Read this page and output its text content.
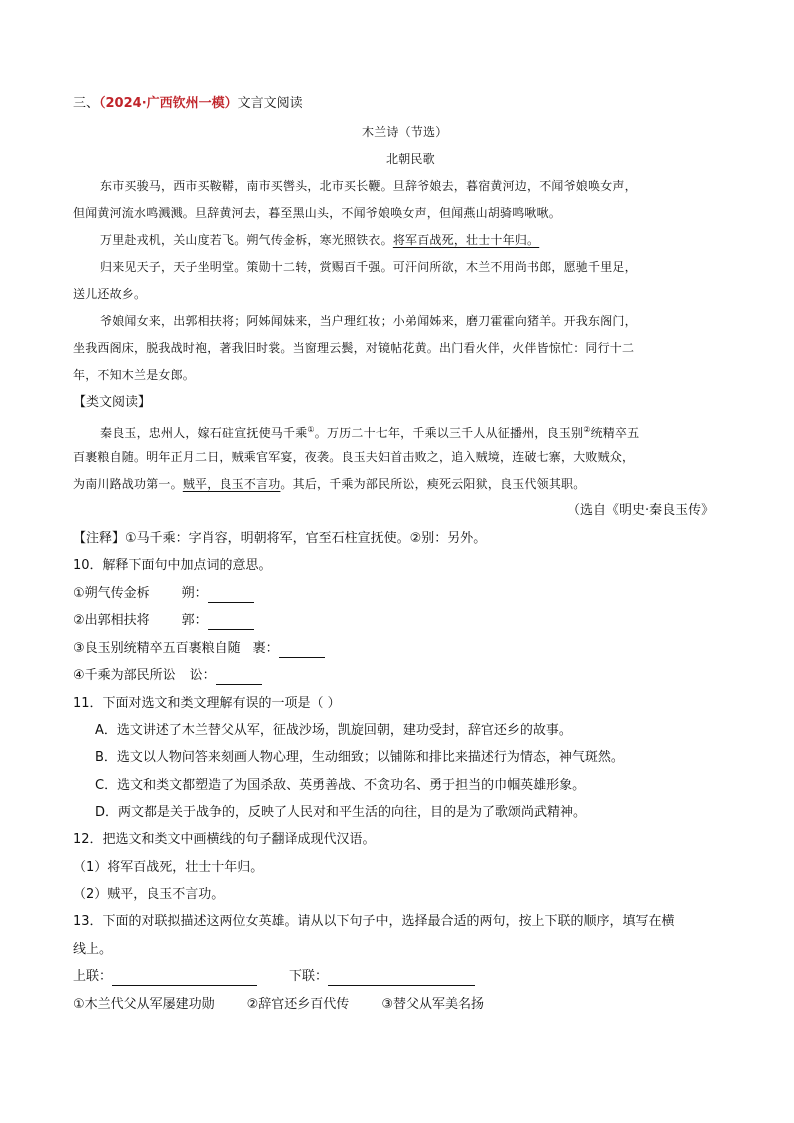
三、（2024·广西钦州一模）文言文阅读
木兰诗（节选）
北朝民歌
东市买骏马，西市买鞍鞯，南市买辔头，北市买长鞭。旦辞爷娘去，暮宿黄河边，不闻爷娘唤女声，
但闻黄河流水鸣溅溅。旦辞黄河去，暮至黑山头，不闻爷娘唤女声，但闻燕山胡骑鸣啾啾。
万里赴戎机，关山度若飞。朔气传金柝，寒光照铁衣。将军百战死，壮士十年归。
归来见天子，天子坐明堂。策勋十二转，赏赐百千强。可汗问所欲，木兰不用尚书郎，愿驰千里足，
送儿还故乡。
爷娘闻女来，出郭相扶将；阿姊闻妹来，当户理红妆；小弟闻姊来，磨刀霍霍向猪羊。开我东阁门，
坐我西阁床，脱我战时袍，著我旧时裳。当窗理云鬓，对镜帖花黄。出门看火伴，火伴皆惊忙：同行十二
年，不知木兰是女郎。
【类文阅读】
秦良玉，忠州人，嫁石砫宣抚使马千乘①。万历二十七年，千乘以三千人从征播州，良玉别②统精卒五
百裹粮自随。明年正月二日，贼乘官军宴，夜袭。良玉夫妇首击败之，追入贼境，连破七寨，大败贼众，
为南川路战功第一。贼平，良玉不言功。其后，千乘为部民所讼，瘐死云阳狱，良玉代领其职。
（选自《明史·秦良玉传》
【注释】①马千乘：字肖容，明朝将军，官至石柱宣抚使。②别：另外。
10．解释下面句中加点词的意思。
①朔气传金柝 朔：
②出郭相扶将 郭：
③良玉别统精卒五百裹粮自随 裹：
④千乘为部民所讼 讼：
11．下面对选文和类文理解有误的一项是（ ）
A．选文讲述了木兰替父从军，征战沙场，凯旋回朝，建功受封，辞官还乡的故事。
B．选文以人物问答来刻画人物心理，生动细致；以铺陈和排比来描述行为情态，神气斑然。
C．选文和类文都塑造了为国杀敌、英勇善战、不贪功名、勇于担当的巾帼英雄形象。
D．两文都是关于战争的，反映了人民对和平生活的向往，目的是为了歌颂尚武精神。
12．把选文和类文中画横线的句子翻译成现代汉语。
（1）将军百战死，壮士十年归。
（2）贼平，良玉不言功。
13．下面的对联拟描述这两位女英雄。请从以下句子中，选择最合适的两句，按上下联的顺序，填写在横
线上。
上联：	下联：
①木兰代父从军屡建功勋 ②辞官还乡百代传 ③替父从军美名扬
